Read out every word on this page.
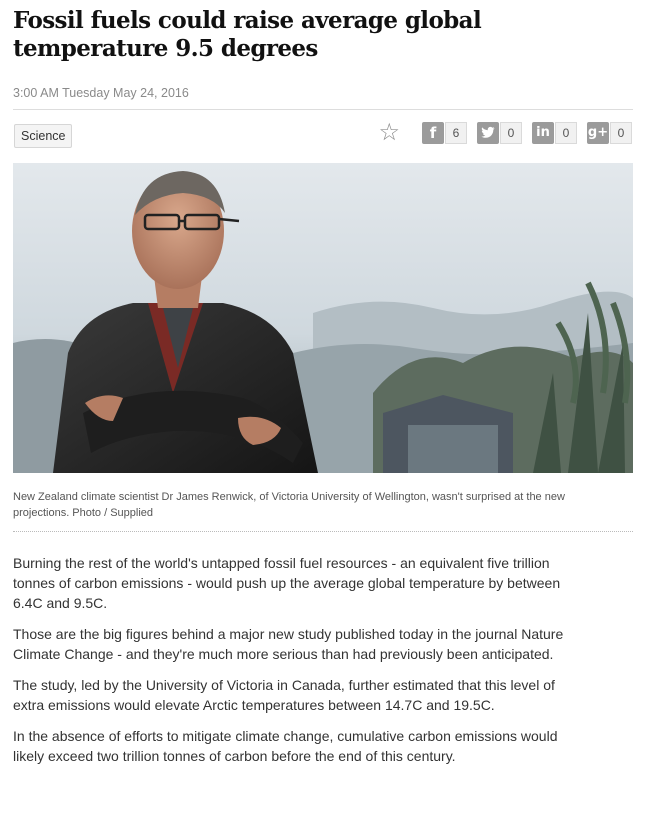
Fossil fuels could raise average global temperature 9.5 degrees
3:00 AM Tuesday May 24, 2016
Science	☆	f	6	0	in	0	g+ 0
New Zealand climate scientist Dr James Renwick, of Victoria University of Wellington, wasn't surprised at the new projections. Photo / Supplied

Burning the rest of the world's untapped fossil fuel resources - an equivalent five trillion tonnes of carbon emissions - would push up the average global temperature by between 6.4C and 9.5C.

Those are the big figures behind a major new study published today in the journal Nature Climate Change - and they're much more serious than had previously been anticipated.

The study, led by the University of Victoria in Canada, further estimated that this level of extra emissions would elevate Arctic temperatures between 14.7C and 19.5C.

In the absence of efforts to mitigate climate change, cumulative carbon emissions would likely exceed two trillion tonnes of carbon before the end of this century.
